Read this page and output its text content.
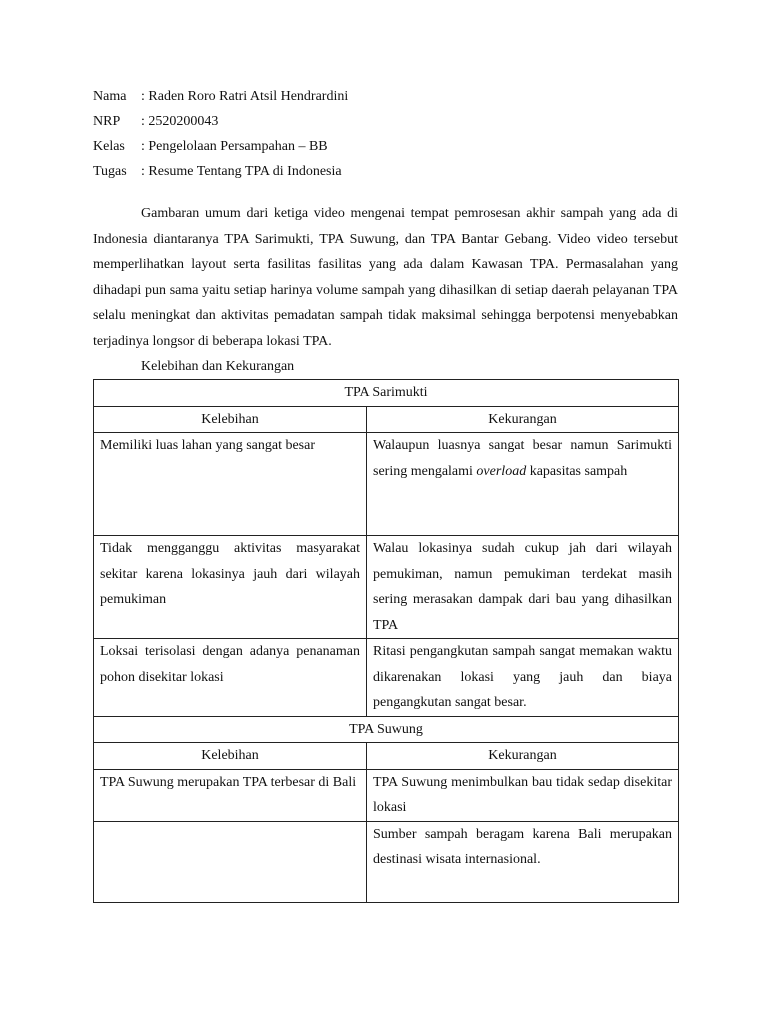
Nama : Raden Roro Ratri Atsil Hendrardini
NRP : 2520200043
Kelas : Pengelolaan Persampahan – BB
Tugas : Resume Tentang TPA di Indonesia

Gambaran umum dari ketiga video mengenai tempat pemrosesan akhir sampah yang ada di Indonesia diantaranya TPA Sarimukti, TPA Suwung, dan TPA Bantar Gebang. Video video tersebut memperlihatkan layout serta fasilitas fasilitas yang ada dalam Kawasan TPA. Permasalahan yang dihadapi pun sama yaitu setiap harinya volume sampah yang dihasilkan di setiap daerah pelayanan TPA selalu meningkat dan aktivitas pemadatan sampah tidak maksimal sehingga berpotensi menyebabkan terjadinya longsor di beberapa lokasi TPA.

Kelebihan dan Kekurangan
TPA Sarimukti	
Kelebihan	Kekurangan
Memiliki luas lahan yang sangat besar	Walaupun luasnya sangat besar namun Sarimukti sering mengalami overload kapasitas sampah
Tidak mengganggu aktivitas masyarakat sekitar karena lokasinya jauh dari wilayah pemukiman	Walau lokasinya sudah cukup jah dari wilayah pemukiman, namun pemukiman terdekat masih sering merasakan dampak dari bau yang dihasilkan TPA
Loksai terisolasi dengan adanya penanaman pohon disekitar lokasi	Ritasi pengangkutan sampah sangat memakan waktu dikarenakan lokasi yang jauh dan biaya pengangkutan sangat besar.
TPA Suwung	
Kelebihan	Kekurangan
TPA Suwung merupakan TPA terbesar di Bali	TPA Suwung menimbulkan bau tidak sedap disekitar lokasi
	Sumber sampah beragam karena Bali merupakan destinasi wisata internasional.
